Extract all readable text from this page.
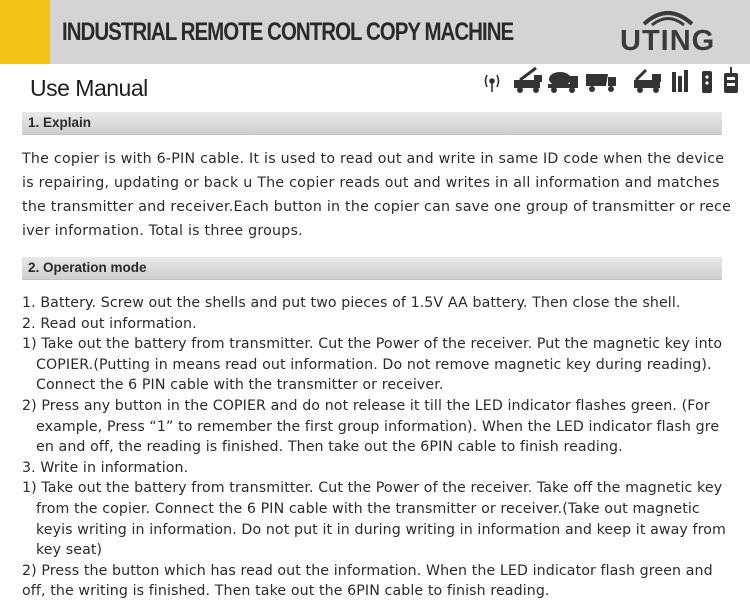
INDUSTRIAL REMOTE CONTROL COPY MACHINE	UTING
Use Manual
1. Explain

The copier is with 6-PIN cable. It is used to read out and write in same ID code when the device
is repairing, updating or back u The copier reads out and writes in all information and matches
the transmitter and receiver.Each button in the copier can save one group of transmitter or rece
iver information. Total is three groups.

2. Operation mode

1. Battery. Screw out the shells and put two pieces of 1.5V AA battery. Then close the shell.
2. Read out information.
1) Take out the battery from transmitter. Cut the Power of the receiver. Put the magnetic key into
COPIER.(Putting in means read out information. Do not remove magnetic key during reading).
Connect the 6 PIN cable with the transmitter or receiver.
2) Press any button in the COPIER and do not release it till the LED indicator flashes green. (For
example, Press “1” to remember the first group information). When the LED indicator flash gre
en and off, the reading is finished. Then take out the 6PIN cable to finish reading.
3. Write in information.
1) Take out the battery from transmitter. Cut the Power of the receiver. Take off the magnetic key
from the copier. Connect the 6 PIN cable with the transmitter or receiver.(Take out magnetic
keyis writing in information. Do not put it in during writing in information and keep it away from
key seat)
2) Press the button which has read out the information. When the LED indicator flash green and
off, the writing is finished. Then take out the 6PIN cable to finish reading.
